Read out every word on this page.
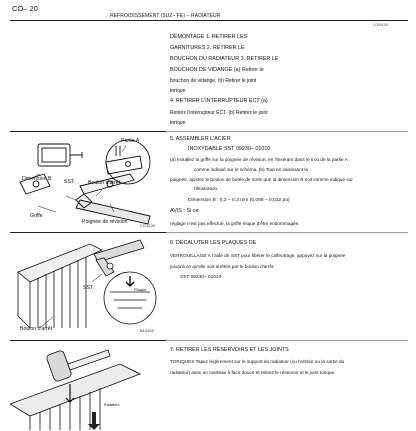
CO– 20
REFROIDISSEMENT (5UZ– FE) – RADIATEUR
CO0M-06
DÉMONTAGE 1. RETIRER LES
GARNITURES 2. RETIRER LE
BOUCHON DU RADIATEUR 3. RETIRER LE
BOUCHON DE VIDANGE (a) Retirer le
bouchon de vidange. (b) Retirer le joint
torique.
4. RETIRER L'INTERRUPTEUR ECT (a)
Retirez l'interrupteur ECT. (b) Retirez le joint
torique.
5. ASSEMBLER L'ACIER
INOXYDABLE SST 09230– 01010
(a) Installez la griffe sur la poignée de révision, en l'insérant dans le trou de la partie A
comme indiqué sur le schéma. (b) Tout en saisissant la
poignée, ajustez le boulon de butée de sorte que la dimension B soit comme indiqué sur
l'illustration.
Dimension B : 0,2 – 0,3 mm (0,008 – 0,012 po)
AVIS : Si ce
réglage n'est pas effectué, la griffe risque d'être endommagée.
6. DÉCALUTER LES PLAQUES DE
VERROUILLAGE À l'aide de SST pour libérer le calfeutrage, appuyez sur la poignée
jusqu'à ce qu'elle soit arrêtée par le boulon d'arrêt.
SST 09230– 01010
7. RETIRER LES RÉSERVOIRS ET LES JOINTS
TORIQUES Tapez légèrement sur le support du radiateur (ou l'entrée ou la sortie du
radiateur) avec un marteau à face douce et retirez le réservoir et le joint torique.
Partie A
Dimension B SST	Boulon d'arrêt
Griffe
Poignée de révision
CO1205
SST	Plaque
Boulon d'arrêt	B13309
Radiateur
